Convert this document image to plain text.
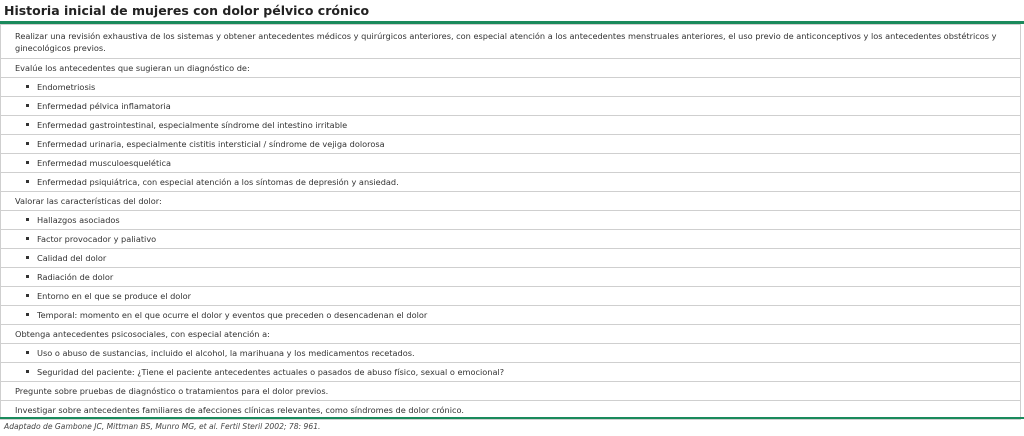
Historia inicial de mujeres con dolor pélvico crónico
Realizar una revisión exhaustiva de los sistemas y obtener antecedentes médicos y quirúrgicos anteriores, con especial atención a los antecedentes menstruales anteriores, el uso previo de anticonceptivos y los antecedentes obstétricos y ginecológicos previos.
Evalúe los antecedentes que sugieran un diagnóstico de:
Endometriosis
Enfermedad pélvica inflamatoria
Enfermedad gastrointestinal, especialmente síndrome del intestino irritable
Enfermedad urinaria, especialmente cistitis intersticial / síndrome de vejiga dolorosa
Enfermedad musculoesquelética
Enfermedad psiquiátrica, con especial atención a los síntomas de depresión y ansiedad.
Valorar las características del dolor:
Hallazgos asociados
Factor provocador y paliativo
Calidad del dolor
Radiación de dolor
Entorno en el que se produce el dolor
Temporal: momento en el que ocurre el dolor y eventos que preceden o desencadenan el dolor
Obtenga antecedentes psicosociales, con especial atención a:
Uso o abuso de sustancias, incluido el alcohol, la marihuana y los medicamentos recetados.
Seguridad del paciente: ¿Tiene el paciente antecedentes actuales o pasados de abuso físico, sexual o emocional?
Pregunte sobre pruebas de diagnóstico o tratamientos para el dolor previos.
Investigar sobre antecedentes familiares de afecciones clínicas relevantes, como síndromes de dolor crónico.
Adaptado de Gambone JC, Mittman BS, Munro MG, et al. Fertil Steril 2002; 78: 961.
